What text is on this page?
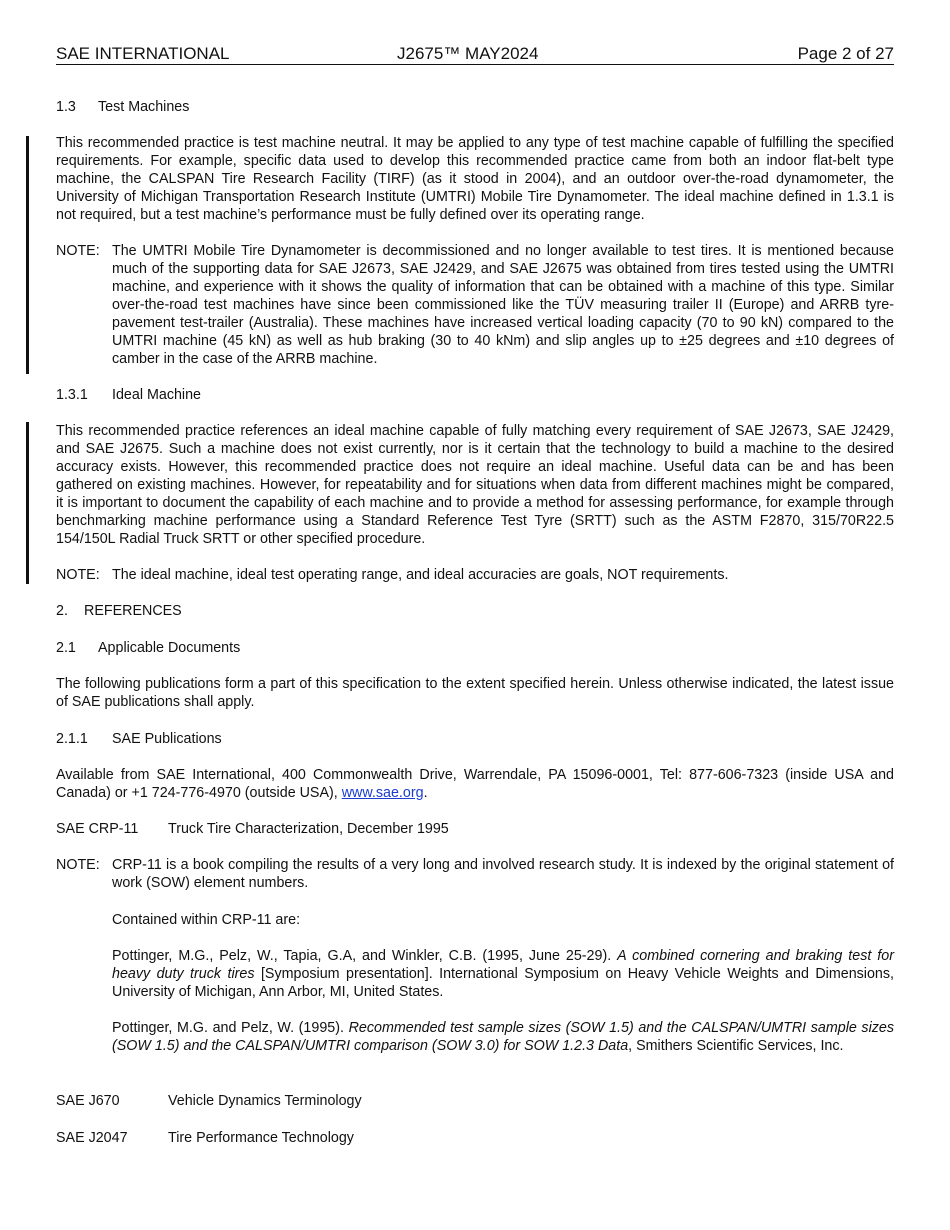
SAE INTERNATIONAL	J2675™ MAY2024	Page 2 of 27
1.3 Test Machines

This recommended practice is test machine neutral. It may be applied to any type of test machine capable of fulfilling the specified requirements. For example, specific data used to develop this recommended practice came from both an indoor flat-belt type machine, the CALSPAN Tire Research Facility (TIRF) (as it stood in 2004), and an outdoor over-the-road dynamometer, the University of Michigan Transportation Research Institute (UMTRI) Mobile Tire Dynamometer. The ideal machine defined in 1.3.1 is not required, but a test machine’s performance must be fully defined over its operating range.

NOTE: The UMTRI Mobile Tire Dynamometer is decommissioned and no longer available to test tires. It is mentioned because much of the supporting data for SAE J2673, SAE J2429, and SAE J2675 was obtained from tires tested using the UMTRI machine, and experience with it shows the quality of information that can be obtained with a machine of this type. Similar over-the-road test machines have since been commissioned like the TÜV measuring trailer II (Europe) and ARRB tyre-pavement test-trailer (Australia). These machines have increased vertical loading capacity (70 to 90 kN) compared to the UMTRI machine (45 kN) as well as hub braking (30 to 40 kNm) and slip angles up to ±25 degrees and ±10 degrees of camber in the case of the ARRB machine.
1.3.1 Ideal Machine

This recommended practice references an ideal machine capable of fully matching every requirement of SAE J2673, SAE J2429, and SAE J2675. Such a machine does not exist currently, nor is it certain that the technology to build a machine to the desired accuracy exists. However, this recommended practice does not require an ideal machine. Useful data can be and has been gathered on existing machines. However, for repeatability and for situations when data from different machines might be compared, it is important to document the capability of each machine and to provide a method for assessing performance, for example through benchmarking machine performance using a Standard Reference Test Tyre (SRTT) such as the ASTM F2870, 315/70R22.5 154/150L Radial Truck SRTT or other specified procedure.

NOTE: The ideal machine, ideal test operating range, and ideal accuracies are goals, NOT requirements.
2. REFERENCES
2.1 Applicable Documents

The following publications form a part of this specification to the extent specified herein. Unless otherwise indicated, the latest issue of SAE publications shall apply.

2.1.1 SAE Publications

Available from SAE International, 400 Commonwealth Drive, Warrendale, PA 15096-0001, Tel: 877-606-7323 (inside USA and Canada) or +1 724-776-4970 (outside USA), www.sae.org.

SAE CRP-11 Truck Tire Characterization, December 1995
NOTE: CRP-11 is a book compiling the results of a very long and involved research study. It is indexed by the original statement of work (SOW) element numbers.
Contained within CRP-11 are:
Pottinger, M.G., Pelz, W., Tapia, G.A, and Winkler, C.B. (1995, June 25-29). A combined cornering and braking test for heavy duty truck tires [Symposium presentation]. International Symposium on Heavy Vehicle Weights and Dimensions, University of Michigan, Ann Arbor, MI, United States.
Pottinger, M.G. and Pelz, W. (1995). Recommended test sample sizes (SOW 1.5) and the CALSPAN/UMTRI sample sizes (SOW 1.5) and the CALSPAN/UMTRI comparison (SOW 3.0) for SOW 1.2.3 Data, Smithers Scientific Services, Inc.
SAE J670	Vehicle Dynamics Terminology
SAE J2047	Tire Performance Technology
